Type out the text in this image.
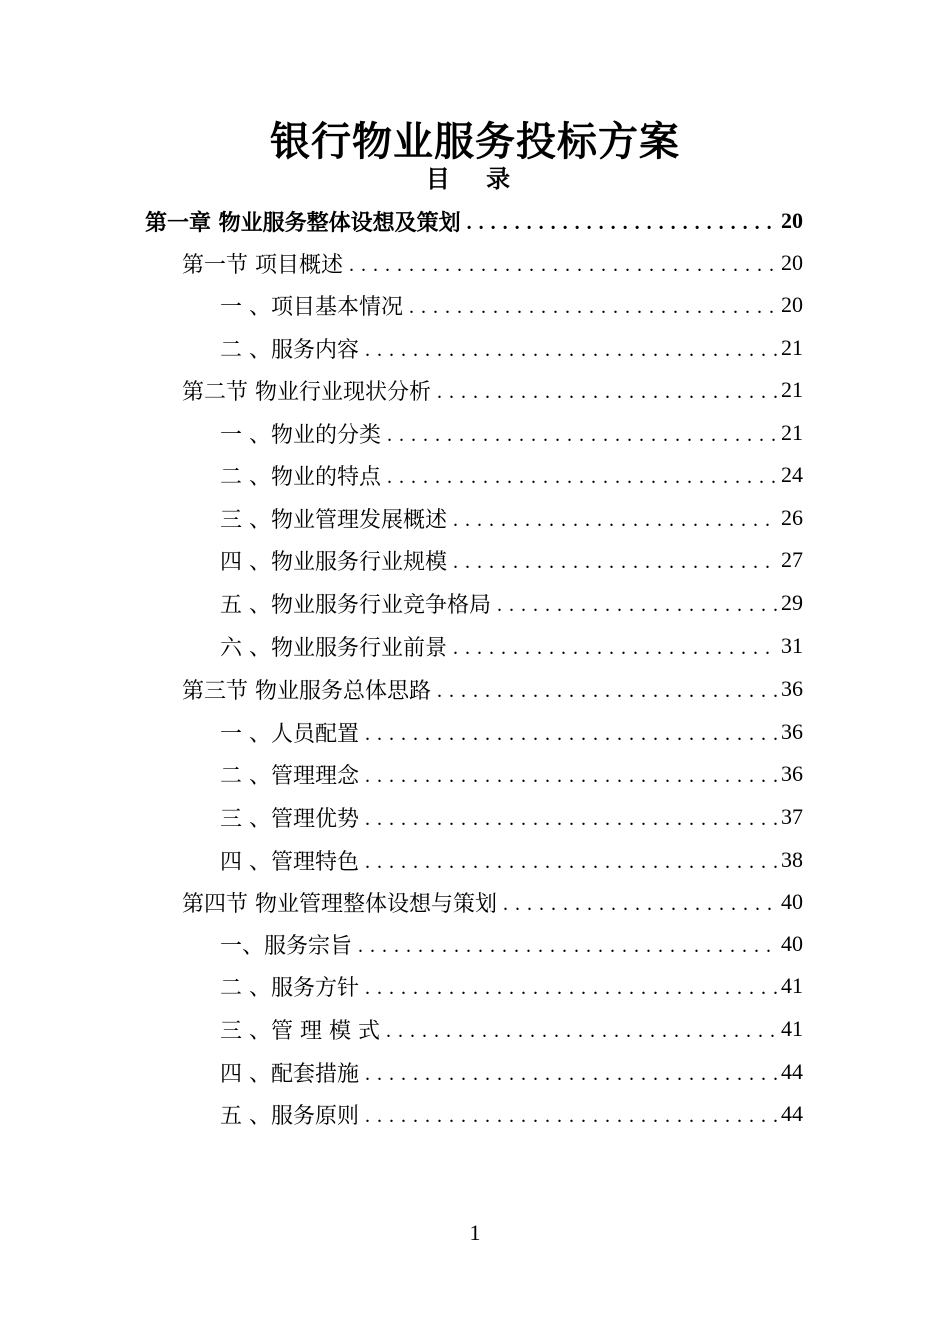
银行物业服务投标方案
目 录
第一章 物业服务整体设想及策划 . . .	20
第一节 项目概述 . . .	20
一 、项目基本情况 . . .	20
二 、服务内容 . . .	21
第二节 物业行业现状分析 . . .	21
一 、物业的分类 . . .	21
二 、物业的特点 . . .	24
三 、物业管理发展概述 . . .	26
四 、物业服务行业规模 . . .	27
五 、物业服务行业竞争格局 . . .	29
六 、物业服务行业前景 . . .	31
第三节 物业服务总体思路 . . .	36
一 、人员配置 . . .	36
二 、管理理念 . . .	36
三 、管理优势 . . .	37
四 、管理特色 . . .	38
第四节 物业管理整体设想与策划 . . .	40
一、服务宗旨 . . .	40
二 、服务方针 . . .	41
三 、管 理 模 式 . . .	41
四 、配套措施 . . .	44
五 、服务原则 . . .	44
1
